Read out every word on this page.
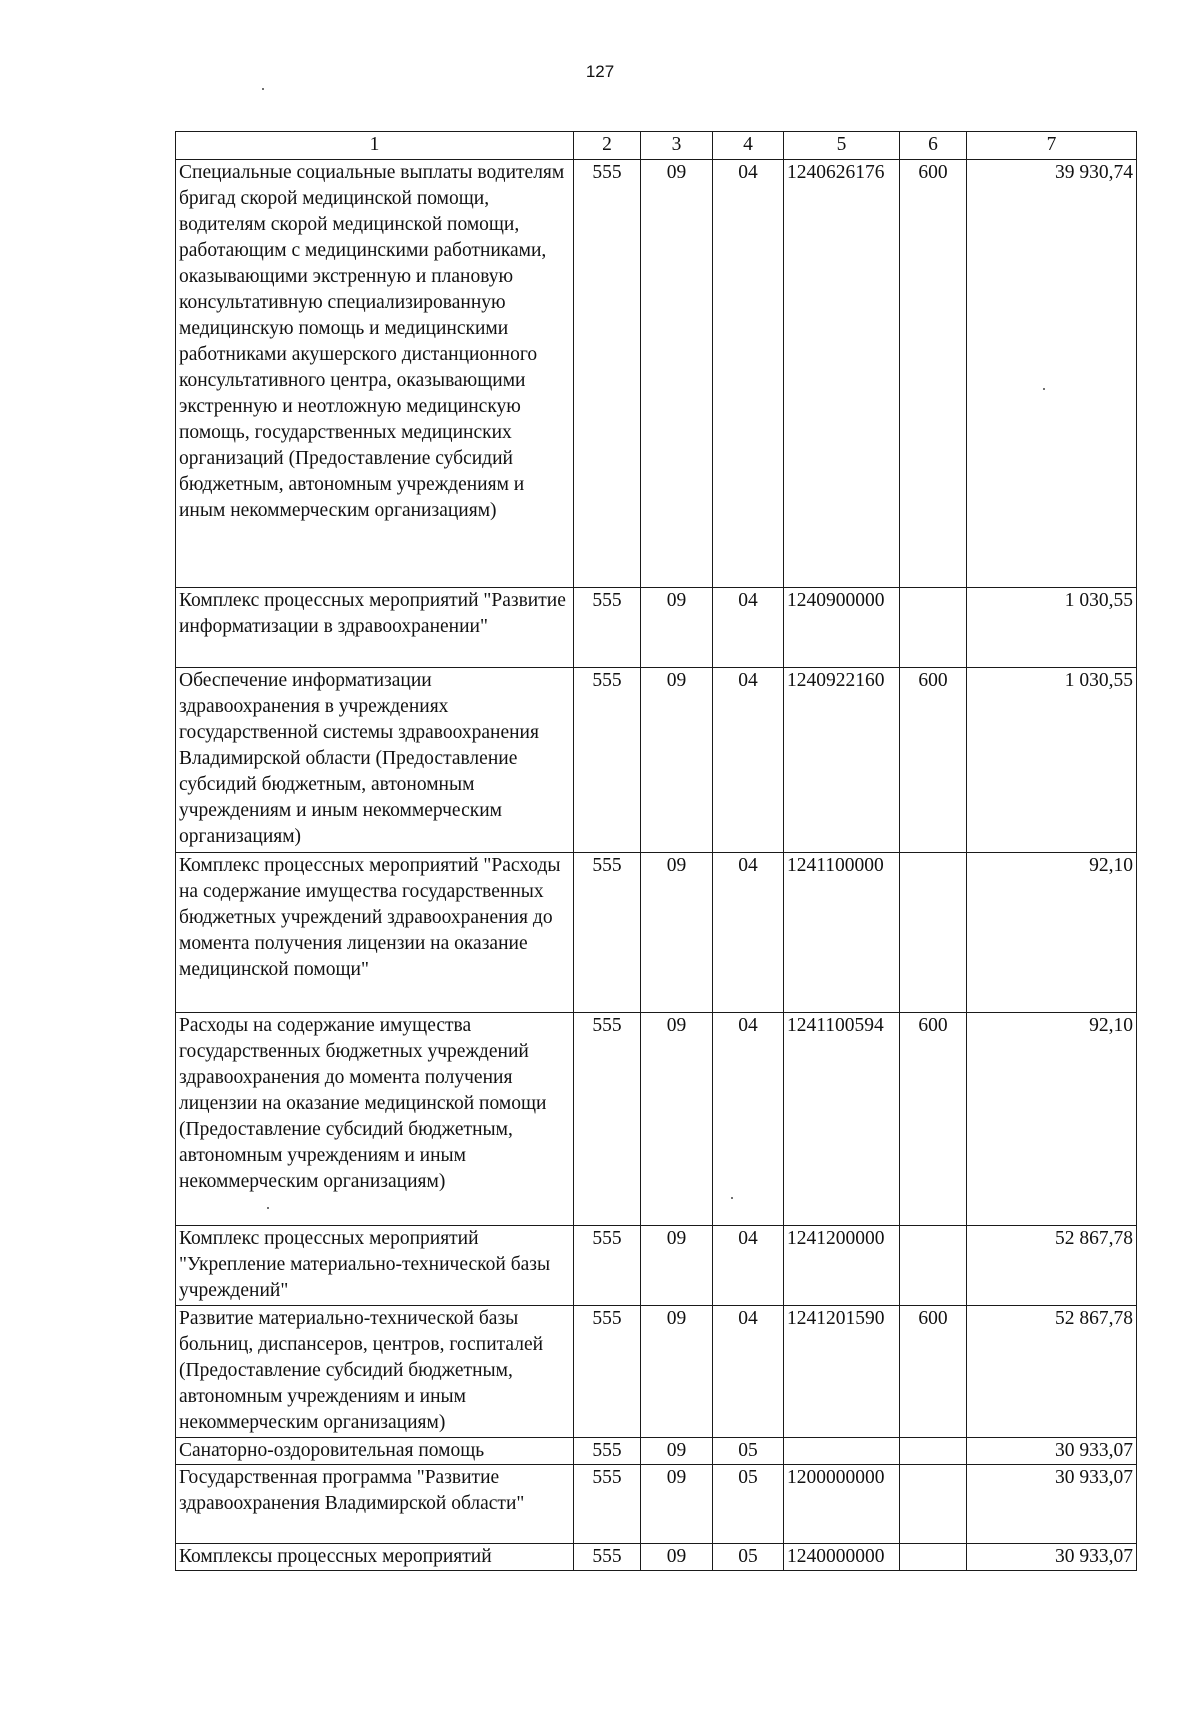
127
1	2	3	4	5	6	7
Специальные социальные выплаты водителям бригад скорой медицинской помощи, водителям скорой медицинской помощи, работающим с медицинскими работниками, оказывающими экстренную и плановую консультативную специализированную медицинскую помощь и медицинскими работниками акушерского дистанционного консультативного центра, оказывающими экстренную и неотложную медицинскую помощь, государственных медицинских организаций (Предоставление субсидий бюджетным, автономным учреждениям и иным некоммерческим организациям)	555	09	04	1240626176	600	39 930,74
Комплекс процессных мероприятий "Развитие информатизации в здравоохранении"	555	09	04	1240900000		1 030,55
Обеспечение информатизации здравоохранения в учреждениях государственной системы здравоохранения Владимирской области (Предоставление субсидий бюджетным, автономным учреждениям и иным некоммерческим организациям)	555	09	04	1240922160	600	1 030,55
Комплекс процессных мероприятий "Расходы на содержание имущества государственных бюджетных учреждений здравоохранения до момента получения лицензии на оказание медицинской помощи"	555	09	04	1241100000		92,10
Расходы на содержание имущества государственных бюджетных учреждений здравоохранения до момента получения лицензии на оказание медицинской помощи (Предоставление субсидий бюджетным, автономным учреждениям и иным некоммерческим организациям)	555	09	04	1241100594	600	92,10
Комплекс процессных мероприятий "Укрепление материально-технической базы учреждений"	555	09	04	1241200000		52 867,78
Развитие материально-технической базы больниц, диспансеров, центров, госпиталей (Предоставление субсидий бюджетным, автономным учреждениям и иным некоммерческим организациям)	555	09	04	1241201590	600	52 867,78
Санаторно-оздоровительная помощь	555	09	05			30 933,07
Государственная программа "Развитие здравоохранения Владимирской области"	555	09	05	1200000000		30 933,07
Комплексы процессных мероприятий	555	09	05	1240000000		30 933,07
